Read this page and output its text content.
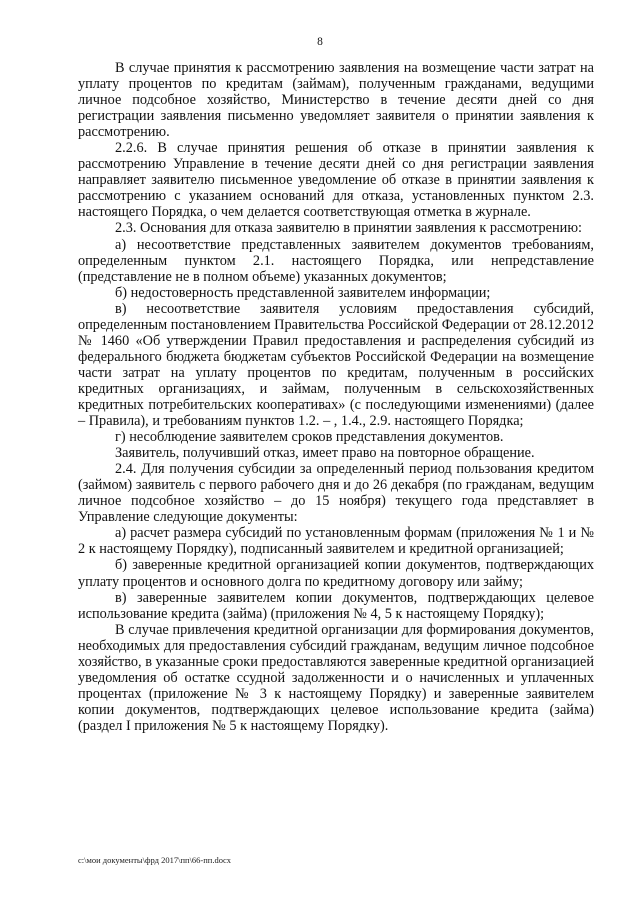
8

В случае принятия к рассмотрению заявления на возмещение части затрат на уплату процентов по кредитам (займам), полученным гражданами, ведущими личное подсобное хозяйство, Министерство в течение десяти дней со дня регистрации заявления письменно уведомляет заявителя о принятии заявления к рассмотрению.

2.2.6. В случае принятия решения об отказе в принятии заявления к рассмотрению Управление в течение десяти дней со дня регистрации заявления направляет заявителю письменное уведомление об отказе в принятии заявления к рассмотрению с указанием оснований для отказа, установленных пунктом 2.3. настоящего Порядка, о чем делается соответствующая отметка в журнале.

2.3. Основания для отказа заявителю в принятии заявления к рассмотрению:

а) несоответствие представленных заявителем документов требованиям, определенным пунктом 2.1. настоящего Порядка, или непредставление (представление не в полном объеме) указанных документов;

б) недостоверность представленной заявителем информации;

в) несоответствие заявителя условиям предоставления субсидий, определенным постановлением Правительства Российской Федерации от 28.12.2012 № 1460 «Об утверждении Правил предоставления и распределения субсидий из федерального бюджета бюджетам субъектов Российской Федерации на возмещение части затрат на уплату процентов по кредитам, полученным в российских кредитных организациях, и займам, полученным в сельскохозяйственных кредитных потребительских кооперативах» (с последующими изменениями) (далее – Правила), и требованиям пунктов 1.2. – , 1.4., 2.9. настоящего Порядка;

г) несоблюдение заявителем сроков представления документов.

Заявитель, получивший отказ, имеет право на повторное обращение.

2.4. Для получения субсидии за определенный период пользования кредитом (займом) заявитель с первого рабочего дня и до 26 декабря (по гражданам, ведущим личное подсобное хозяйство – до 15 ноября) текущего года представляет в Управление следующие документы:

а) расчет размера субсидий по установленным формам (приложения № 1 и № 2 к настоящему Порядку), подписанный заявителем и кредитной организацией;

б) заверенные кредитной организацией копии документов, подтверждающих уплату процентов и основного долга по кредитному договору или займу;

в) заверенные заявителем копии документов, подтверждающих целевое использование кредита (займа) (приложения № 4, 5 к настоящему Порядку);

В случае привлечения кредитной организации для формирования документов, необходимых для предоставления субсидий гражданам, ведущим личное подсобное хозяйство, в указанные сроки предоставляются заверенные кредитной организацией уведомления об остатке ссудной задолженности и о начисленных и уплаченных процентах (приложение № 3 к настоящему Порядку) и заверенные заявителем копии документов, подтверждающих целевое использование кредита (займа) (раздел I приложения № 5 к настоящему Порядку).

c:\мои документы\фрд 2017\пп\66-пп.docx
